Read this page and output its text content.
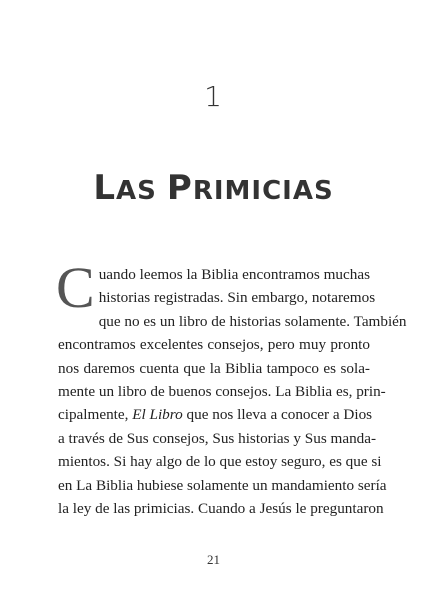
1
LAS PRIMICIAS
C uando leemos la Biblia encontramos muchas
historias registradas. Sin embargo, notaremos
que no es un libro de historias solamente. También
encontramos excelentes consejos, pero muy pronto
nos daremos cuenta que la Biblia tampoco es sola-
mente un libro de buenos consejos. La Biblia es, prin-
cipalmente, El Libro que nos lleva a conocer a Dios
a través de Sus consejos, Sus historias y Sus manda-
mientos. Si hay algo de lo que estoy seguro, es que si
en La Biblia hubiese solamente un mandamiento sería
la ley de las primicias. Cuando a Jesús le preguntaron
21
